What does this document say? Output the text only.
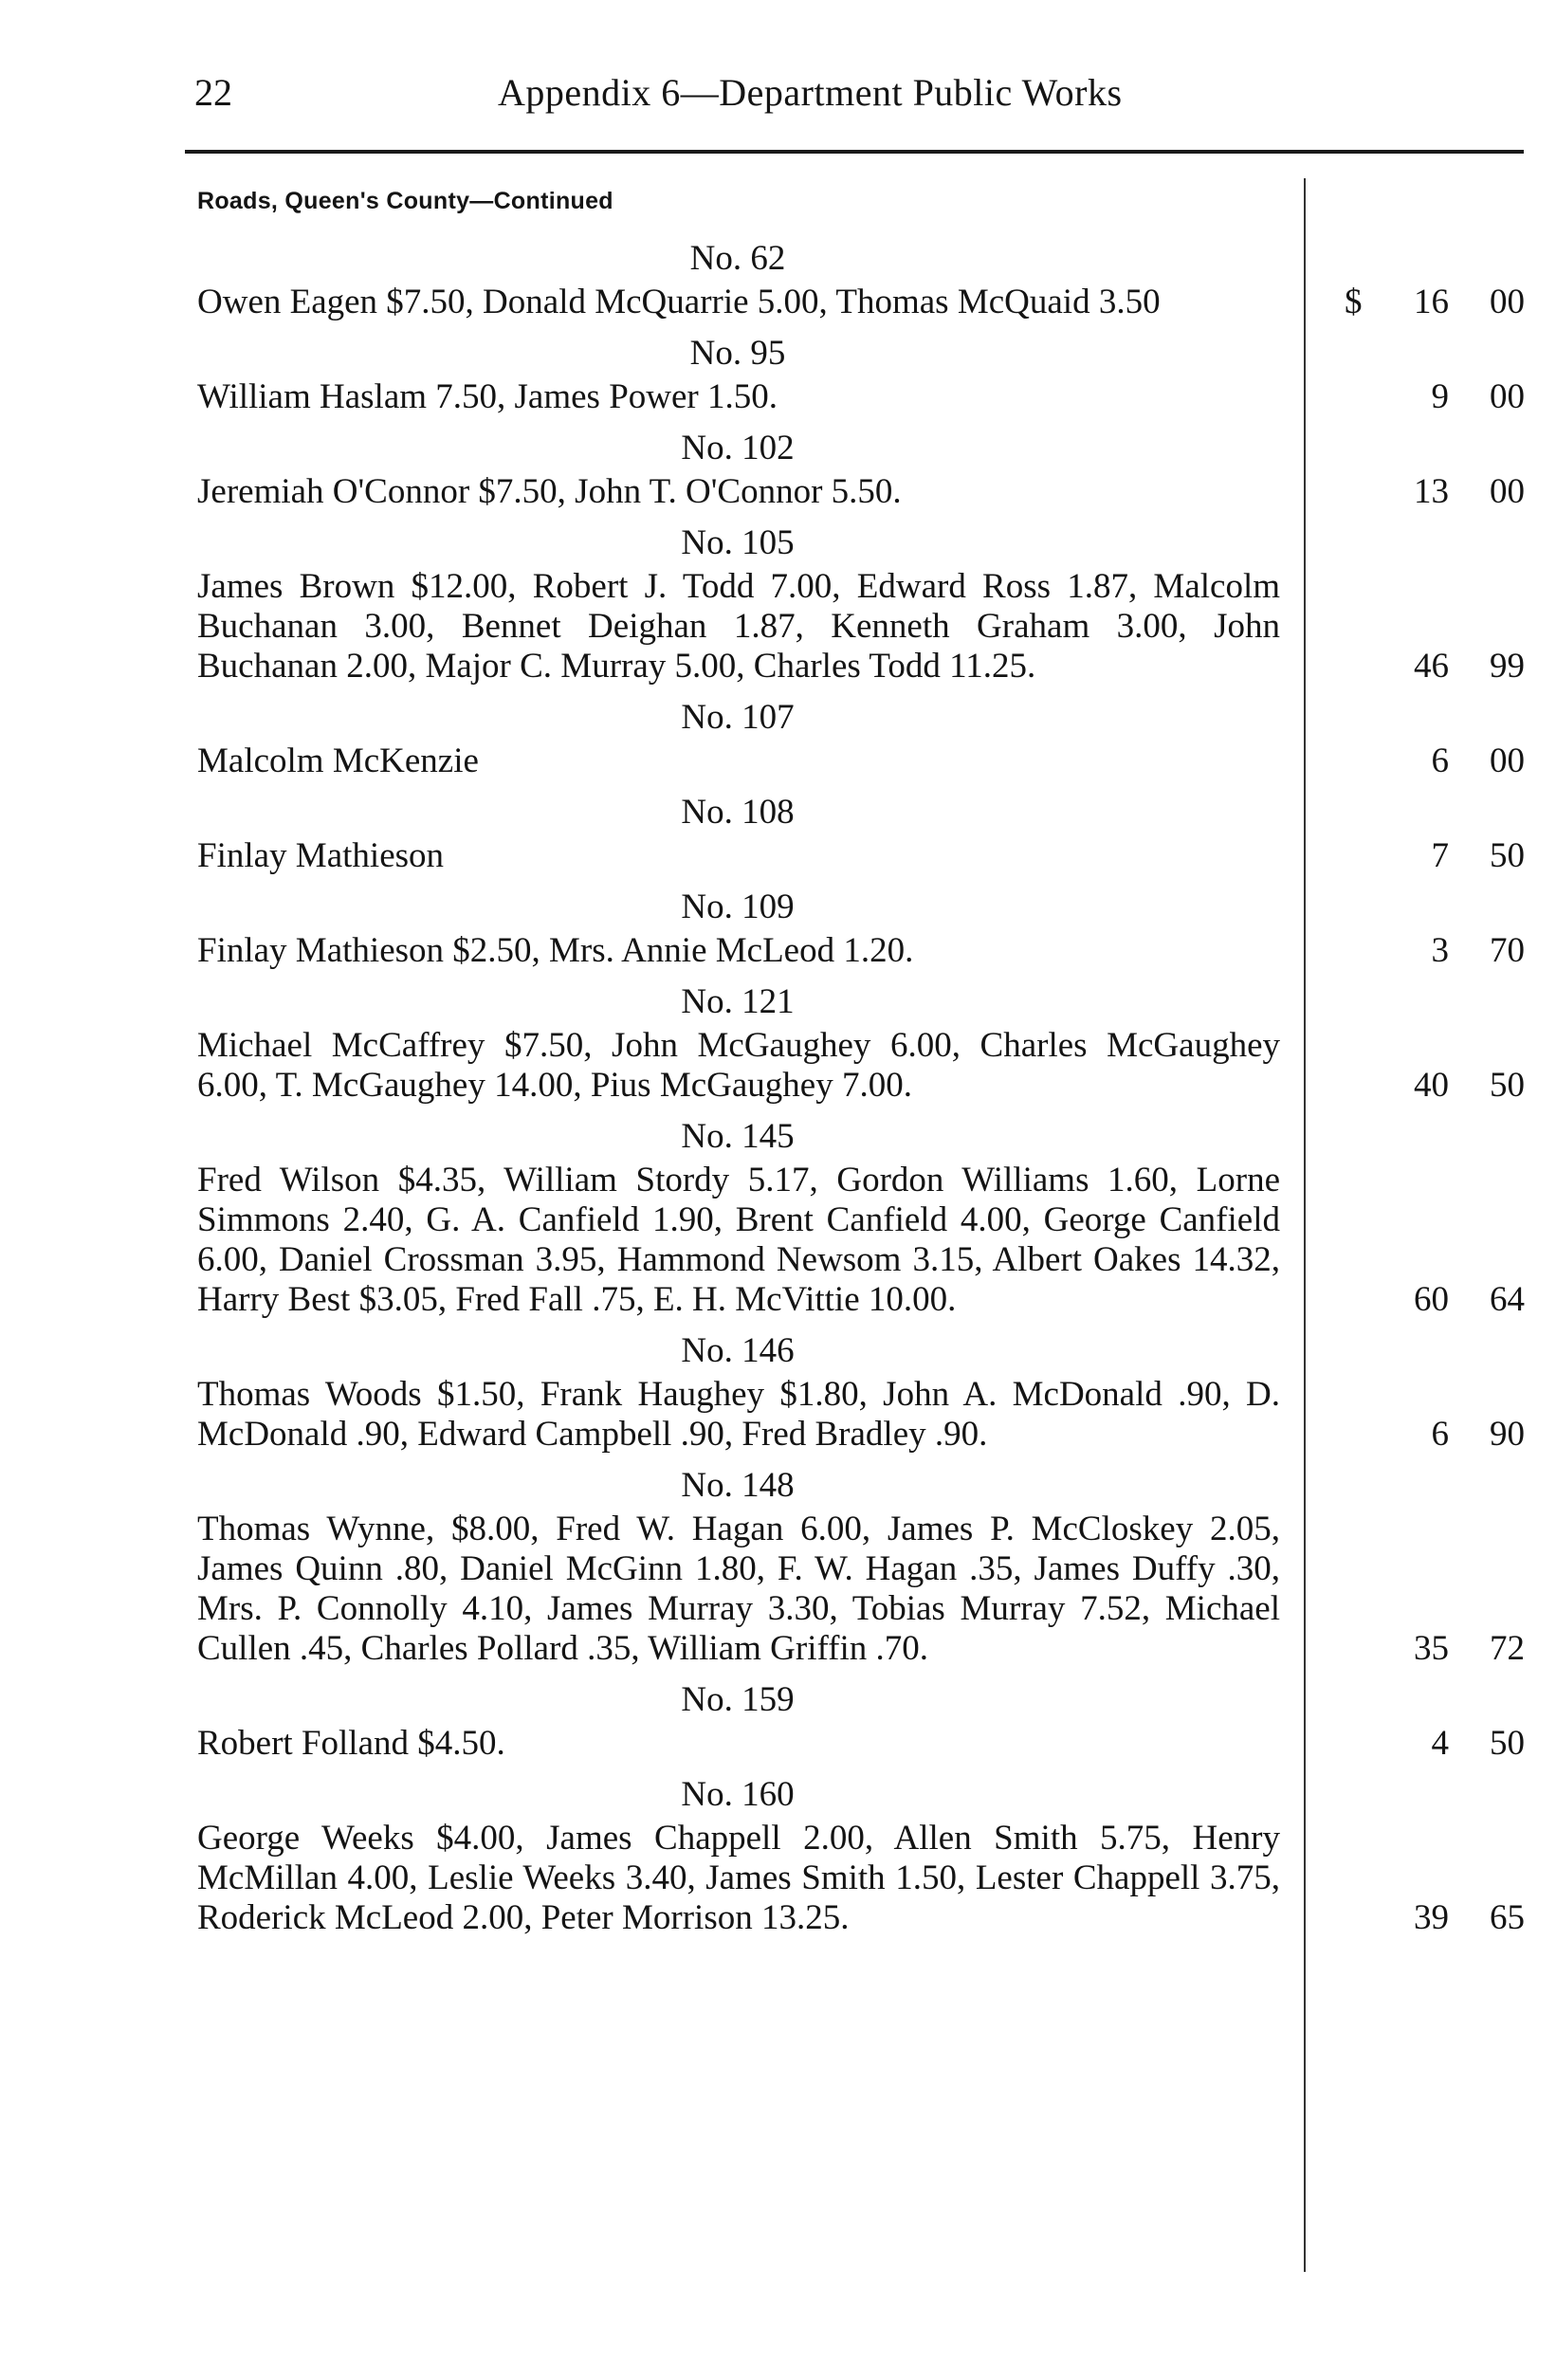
22	Appendix 6—Department Public Works
Roads, Queen's County—Continued
No. 62
Owen Eagen $7.50, Donald McQuarrie 5.00, Thomas McQuaid 3.50	$	16	00
No. 95
William Haslam 7.50, James Power 1.50.	9	00
No. 102
Jeremiah O'Connor $7.50, John T. O'Connor 5.50.	13	00
No. 105
James Brown $12.00, Robert J. Todd 7.00, Edward Ross 1.87, Malcolm Buchanan 3.00, Bennet Deighan 1.87, Kenneth Graham 3.00, John Buchanan 2.00, Major C. Murray 5.00, Charles Todd 11.25.	46	99
No. 107
Malcolm McKenzie	6	00
No. 108
Finlay Mathieson	7	50
No. 109
Finlay Mathieson $2.50, Mrs. Annie McLeod 1.20.	3	70
No. 121
Michael McCaffrey $7.50, John McGaughey 6.00, Charles McGaughey 6.00, T. McGaughey 14.00, Pius McGaughey 7.00.	40	50
No. 145
Fred Wilson $4.35, William Stordy 5.17, Gordon Williams 1.60, Lorne Simmons 2.40, G. A. Canfield 1.90, Brent Canfield 4.00, George Canfield 6.00, Daniel Crossman 3.95, Hammond Newsom 3.15, Albert Oakes 14.32, Harry Best $3.05, Fred Fall .75, E. H. McVittie 10.00.	60	64
No. 146
Thomas Woods $1.50, Frank Haughey $1.80, John A. McDonald .90, D. McDonald .90, Edward Campbell .90, Fred Bradley .90.	6	90
No. 148
Thomas Wynne, $8.00, Fred W. Hagan 6.00, James P. McCloskey 2.05, James Quinn .80, Daniel McGinn 1.80, F. W. Hagan .35, James Duffy .30, Mrs. P. Connolly 4.10, James Murray 3.30, Tobias Murray 7.52, Michael Cullen .45, Charles Pollard .35, William Griffin .70.	35	72
No. 159
Robert Folland $4.50.	4	50
No. 160
George Weeks $4.00, James Chappell 2.00, Allen Smith 5.75, Henry McMillan 4.00, Leslie Weeks 3.40, James Smith 1.50, Lester Chappell 3.75, Roderick McLeod 2.00, Peter Morrison 13.25.	39	65
